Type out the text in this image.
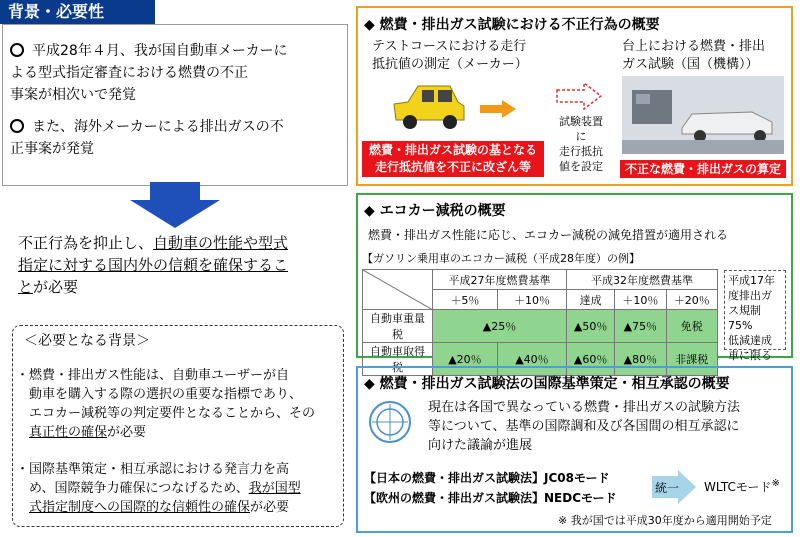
背景・必要性
平成28年４月、我が国自動車メーカーに
よる型式指定審査における燃費の不正
事案が相次いで発覚
また、海外メーカーによる排出ガスの不
正事案が発覚
不正行為を抑止し、自動車の性能や型式
指定に対する国内外の信頼を確保するこ
とが必要
＜必要となる背景＞
・燃費・排出ガス性能は、自動車ユーザーが自
動車を購入する際の選択の重要な指標であり、
エコカー減税等の判定要件となることから、その
真正性の確保が必要
・国際基準策定・相互承認における発言力を高
め、国際競争力確保につなげるため、我が国型
式指定制度への国際的な信頼性の確保が必要
◆ 燃費・排出ガス試験における不正行為の概要
テストコースにおける走行
抵抗値の測定（メーカー）
台上における燃費・排出
ガス試験（国（機構））
試験装置に
走行抵抗
値を設定
燃費・排出ガス試験の基となる
走行抵抗値を不正に改ざん等	不正な燃費・排出ガスの算定
◆ エコカー減税の概要
燃費・排出ガス性能に応じ、エコカー減税の減免措置が適用される
【ガソリン乗用車のエコカー減税（平成28年度）の例】
	平成27年度燃費基準		平成32年度燃費基準		
	＋5％	＋10％	達成	＋10％	＋20％
自動車重量税	▲25％		▲50％	▲75％	免税
自動車取得税	▲20％	▲40％	▲60％	▲80％	非課税
平成17年
度排出ガ
ス規制75%
低減達成
車に限る
◆ 燃費・排出ガス試験法の国際基準策定・相互承認の概要
現在は各国で異なっている燃費・排出ガスの試験方法
等について、基準の国際調和及び各国間の相互承認に
向けた議論が進展
【日本の燃費・排出ガス試験法】JC08モード
【欧州の燃費・排出ガス試験法】NEDCモード
統一 WLTCモード※
※ 我が国では平成30年度から適用開始予定
